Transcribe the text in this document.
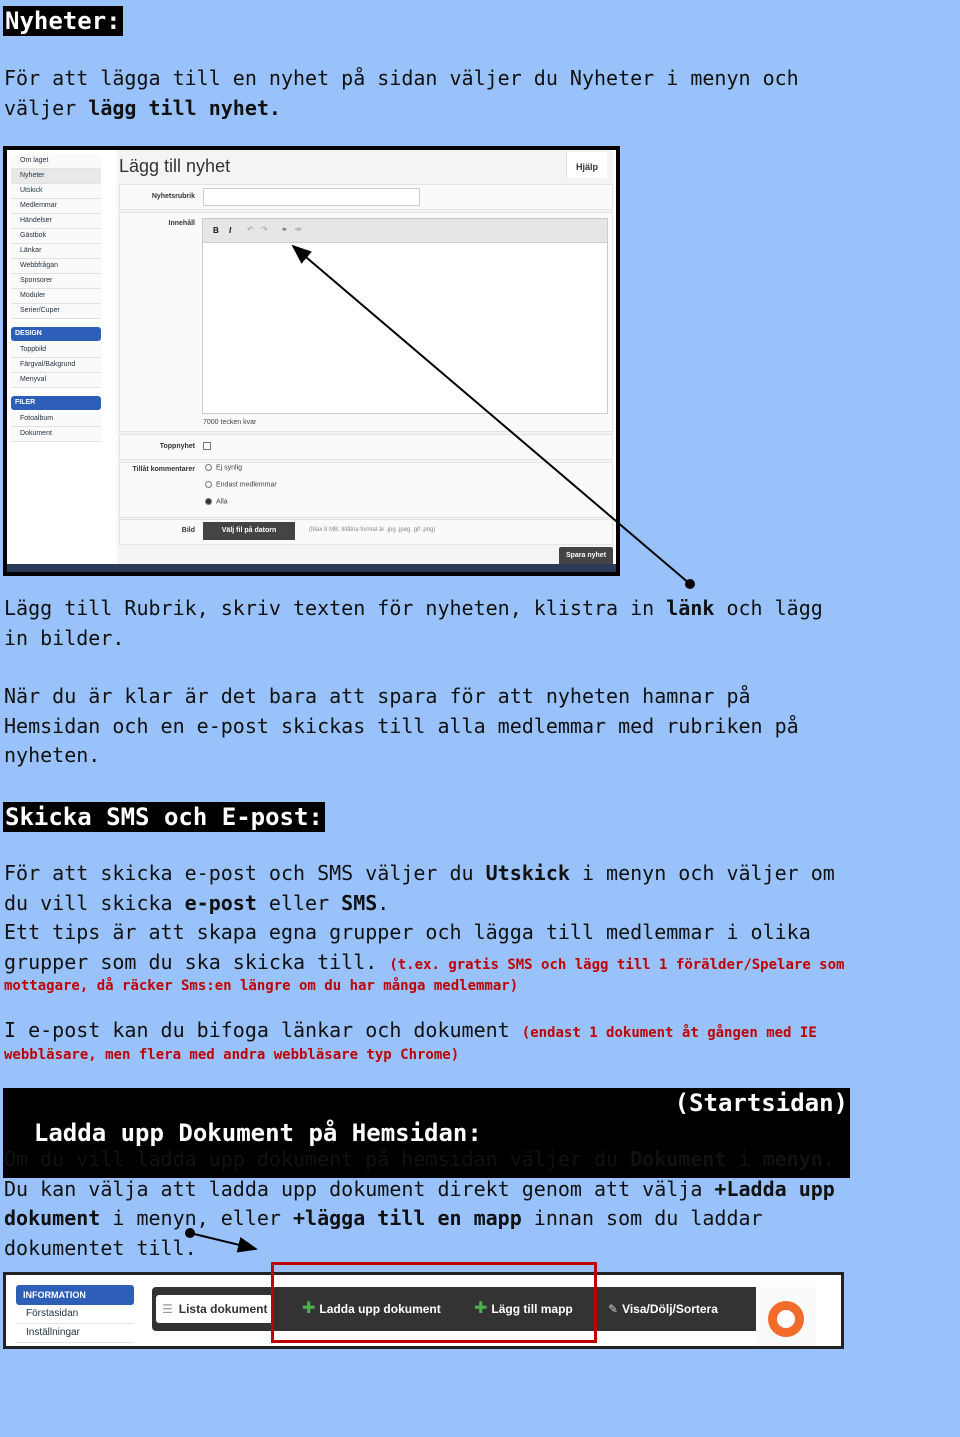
Nyheter:
För att lägga till en nyhet på sidan väljer du Nyheter i menyn och
väljer lägg till nyhet.
Om laget
Nyheter
Utskick
Medlemmar
Händelser
Gästbok
Länkar
Webbfrågan
Sponsorer
Moduler
Serier/Cuper
DESIGN
Toppbild
Färgval/Bakgrund
Menyval
FILER
Fotoalbum
Dokument
Lägg till nyhet	Hjälp
Nyhetsrubrik
Innehåll
B I ↶ ↷ ⚭ ⚮
7000 tecken kvar
Toppnyhet
Tillåt kommentarer	Ej synlig
Endast medlemmar
Alla
Bild	Välj fil på datorn	(Max 8 MB, tillåtna format är .jpg .jpeg .gif .png)
Spara nyhet
Lägg till Rubrik, skriv texten för nyheten, klistra in länk och lägg
in bilder.
När du är klar är det bara att spara för att nyheten hamnar på
Hemsidan och en e-post skickas till alla medlemmar med rubriken på
nyheten.
Skicka SMS och E-post:
För att skicka e-post och SMS väljer du Utskick i menyn och väljer om
du vill skicka e-post eller SMS.
Ett tips är att skapa egna grupper och lägga till medlemmar i olika
grupper som du ska skicka till. (t.ex. gratis SMS och lägg till 1 förälder/Spelare som
mottagare, då räcker Sms:en längre om du har många medlemmar)
I e-post kan du bifoga länkar och dokument (endast 1 dokument åt gången med IE
webbläsare, men flera med andra webbläsare typ Chrome)

Ladda upp Dokument på Hemsidan:

(Startsidan)

Om du vill ladda upp dokument på hemsidan väljer du Dokument i menyn.
Du kan välja att ladda upp dokument direkt genom att välja +Ladda upp
dokument i menyn, eller +lägga till en mapp innan som du laddar
dokumentet till.
INFORMATION
Förstasidan
Inställningar
☰ Lista dokument	✚ Ladda upp dokument ✚ Lägg till mapp	✎ Visa/Dölj/Sortera
